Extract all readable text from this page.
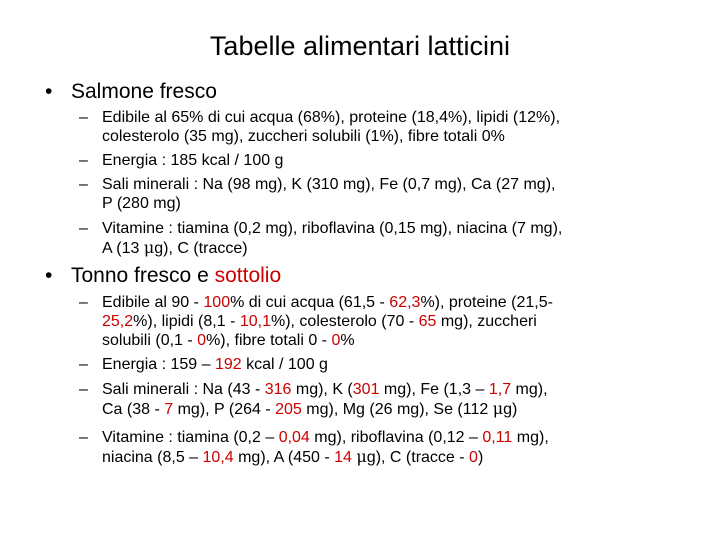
Tabelle alimentari latticini
• Salmone fresco
– Edibile al 65% di cui acqua (68%), proteine (18,4%), lipidi (12%),
colesterolo (35 mg), zuccheri solubili (1%), fibre totali 0%
– Energia : 185 kcal / 100 g
– Sali minerali : Na (98 mg), K (310 mg), Fe (0,7 mg), Ca (27 mg),
P (280 mg)
– Vitamine : tiamina (0,2 mg), riboflavina (0,15 mg), niacina (7 mg),
A (13 μg), C (tracce)
• Tonno fresco e sottolio
– Edibile al 90 - 100% di cui acqua (61,5 - 62,3%), proteine (21,5-
25,2%), lipidi (8,1 - 10,1%), colesterolo (70 - 65 mg), zuccheri
solubili (0,1 - 0%), fibre totali 0 - 0%
– Energia : 159 – 192 kcal / 100 g
– Sali minerali : Na (43 - 316 mg), K (301 mg), Fe (1,3 – 1,7 mg),
Ca (38 - 7 mg), P (264 - 205 mg), Mg (26 mg), Se (112 μg)
– Vitamine : tiamina (0,2 – 0,04 mg), riboflavina (0,12 – 0,11 mg),
niacina (8,5 – 10,4 mg), A (450 - 14 μg), C (tracce - 0)
